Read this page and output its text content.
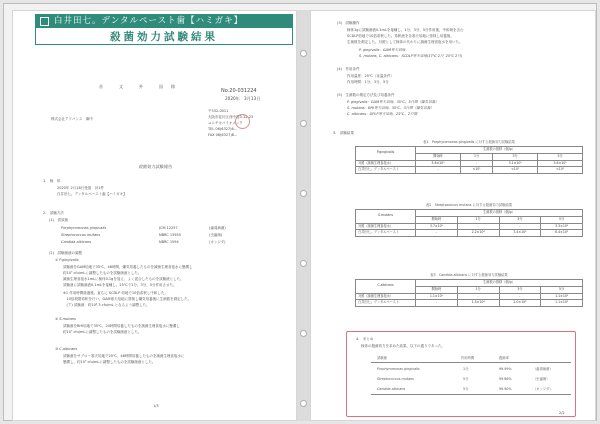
首　　　　文　　　　外　　　　国　　様
No.20-031224
2020年　3月13日
株式会社アドバンス　御中
〒532-0011
大阪市淀川区西中島3-12-23
ユニチカバイオメック
TEL 06(6327)6...
FAX 06(6327)6...
殺菌効力試験報告
1.　検　体
2020年 2月18日受領　計1件
白井田七。デンタルペースト歯【ハミガキ】
2.　試験方法
(1)　供試菌
Porphyromonas gingivalis	JCM 12257	(歯周病菌)
Streptococcus mutans	NBRC 13955	(虫歯菌)
Candida albicans	NBRC 1594	(カンジダ)
(2)　試験菌液の調製
① P.gingivalis
試験菌をGAM培地で35℃、48時間、嫌気培養したものを滅菌生理食塩水に懸濁し
約10⁷ cfu/mLに調整したものを試験菌液とした。
滅菌生理食塩水1mLに検体0.1gを加え、よく混合したものを試験液とした。
試験液に試験菌液0.1mLを接種し、25℃で1分、3分、5分作用させた。
※1 作用時間経過後、直ちに SCDLP 培地で10倍希釈し中和した。
　10倍段階希釈を行い、GAM寒天培地に塗抹し嫌気培養後に生菌数を測定した。
　(ア) 試験液：約10⁴.3 cfu/mL となるよう調整した。
② S.mutans
試験菌をBHI培地で35℃、24時間培養したものを滅菌生理食塩水に懸濁し
約10⁷ cfu/mLに調整したものを試験菌液とした。
③ C.albicans
試験菌をサブロー寒天培地で25℃、48時間培養したものを滅菌生理食塩水に
懸濁し、約10⁶ cfu/mLに調整したものを試験菌液とした。
1/3
(3)　試験操作
検体1gに試験菌液0.1mLを接種し、1分、3分、5分作用後、中和剤を含む
SCDLP培地で10倍希釈した。希釈液を各寒天培地に塗抹し培養後、
生菌数を測定した。対照として検体の代わりに滅菌生理食塩水を用いた。
P. gingivalis：GAM寒天培地
S. mutans, C. albicans：SCDLP寒天培地(37℃ 2日, 25℃ 2日)
(4)　作用条件
作用温度：25℃（室温条件）
作用時間：1分、3分、5分
(5)　生菌数の測定方法及び培養条件
P. gingivalis：GAM寒天培地、35℃、5日間（嫌気培養）
S. mutans：BHI寒天培地、35℃、3日間（嫌気培養）
C. albicans：GPLP寒天培地、25℃、2日間
3.　試験結果
表1　Porphyromonas gingivalis に対する殺菌効力試験結果
P.gingivalis	生菌数の推移（個/g）			
	開始時	1分	3分	5分
対照（滅菌生理食塩水）	3.6×10⁵	-	3.1×10⁵	3.6×10⁵
白井田七。デンタルペースト	-	<10¹	<10¹	<10¹
表2　Streptococcus mutans に対する殺菌効力試験結果
S.mutans	生菌数の推移（個/g）			
	開始時	1分	3分	5分
対照（滅菌生理食塩水）	3.7×10⁵	-	-	3.3×10⁵
白井田七。デンタルペースト	-	2.2×10⁴	3.4×10³	6.4×10²
表3　Candida albicans に対する殺菌効力試験結果
C.albicans	生菌数の推移（個/g）			
	開始時	1分	3分	5分
対照（滅菌生理食塩水）	1.1×10⁵	-	-	1.1×10⁵
白井田七。デンタルペースト	-	1.5×10⁴	2.0×10³	1.1×10²
4.　まとめ
検体の殺菌効力を求めた結果、以下の通りであった。
試験菌	作用時間	殺菌率
Porphyromonas gingivalis	1分	99.99%	（歯周病菌）
Streptococcus mutans	5分	99.86%	（虫歯菌）
Candida albicans	5分	99.90%	（カンジダ）
2/2
白井田七。デンタルペースト歯【ハミガキ】
殺菌効力試験結果
